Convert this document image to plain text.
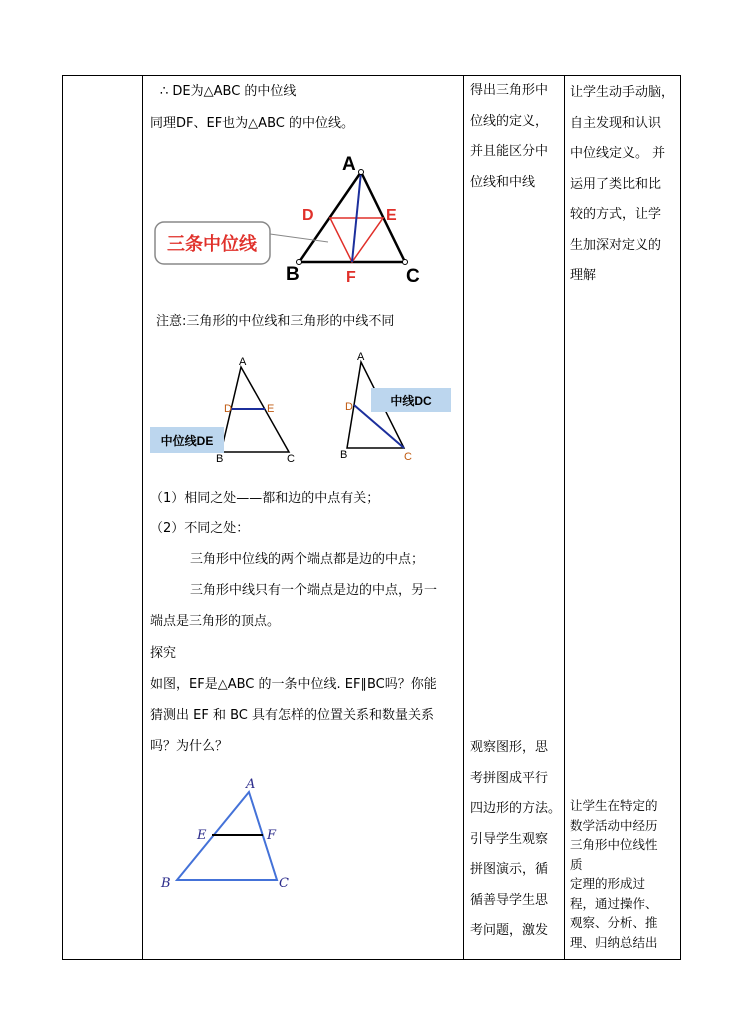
∴ DE为△ABC 的中位线
同理DF、EF也为△ABC 的中位线。
三条中位线
A
D	E
B	F	C
注意:三角形的中位线和三角形的中线不同
中位线DE
A
D	E
B	C
中线DC
A
D
B	C
（1）相同之处——都和边的中点有关；
（2）不同之处：
三角形中位线的两个端点都是边的中点；
三角形中线只有一个端点是边的中点，另一
端点是三角形的顶点。
探究
如图，EF是△ABC 的一条中位线. EF∥BC吗？你能
猜测出 EF 和 BC 具有怎样的位置关系和数量关系
吗？为什么？
A
E	F
B	C
得出三角形中
位线的定义，
并且能区分中
位线和中线
观察图形，思
考拼图成平行
四边形的方法。
引导学生观察
拼图演示，循
循善导学生思
考问题，激发
让学生动手动脑，
自主发现和认识
中位线定义。 并
运用了类比和比
较的方式，让学
生加深对定义的
理解
让学生在特定的
数学活动中经历
三角形中位线性
质
定理的形成过
程，通过操作、
观察、分析、推
理、归纳总结出
